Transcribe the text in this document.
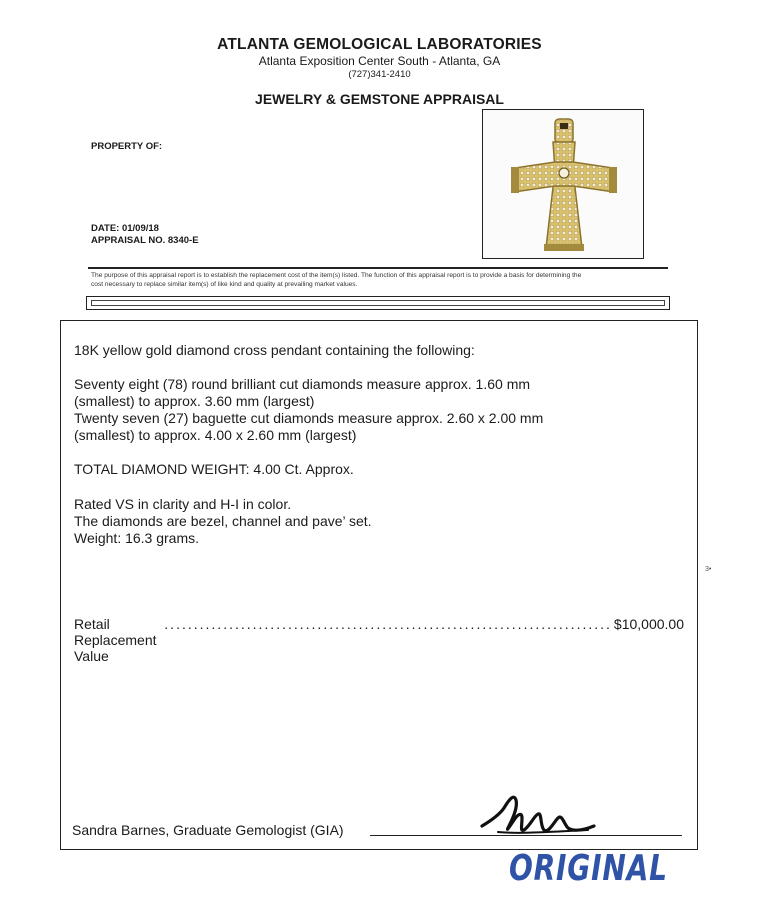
ATLANTA GEMOLOGICAL LABORATORIES
Atlanta Exposition Center South - Atlanta, GA
(727)341-2410
JEWELRY & GEMSTONE APPRAISAL
PROPERTY OF:
DATE: 01/09/18
APPRAISAL NO. 8340-E
The purpose of this appraisal report is to establish the replacement cost of the item(s) listed. The function of this appraisal report is to provide a basis for determining the
cost necessary to replace similar item(s) of like kind and quality at prevailing market values.
18K yellow gold diamond cross pendant containing the following:
Seventy eight (78) round brilliant cut diamonds measure approx. 1.60 mm
(smallest) to approx. 3.60 mm (largest)
Twenty seven (27) baguette cut diamonds measure approx. 2.60 x 2.00 mm
(smallest) to approx. 4.00 x 2.60 mm (largest)
TOTAL DIAMOND WEIGHT: 4.00 Ct. Approx.
Rated VS in clarity and H-I in color.
The diamonds are bezel, channel and pave’ set.
Weight: 16.3 grams.
Retail Replacement Value
............................................................................ $10,000.00
3•
Sandra Barnes, Graduate Gemologist (GIA)
ORIGINAL
